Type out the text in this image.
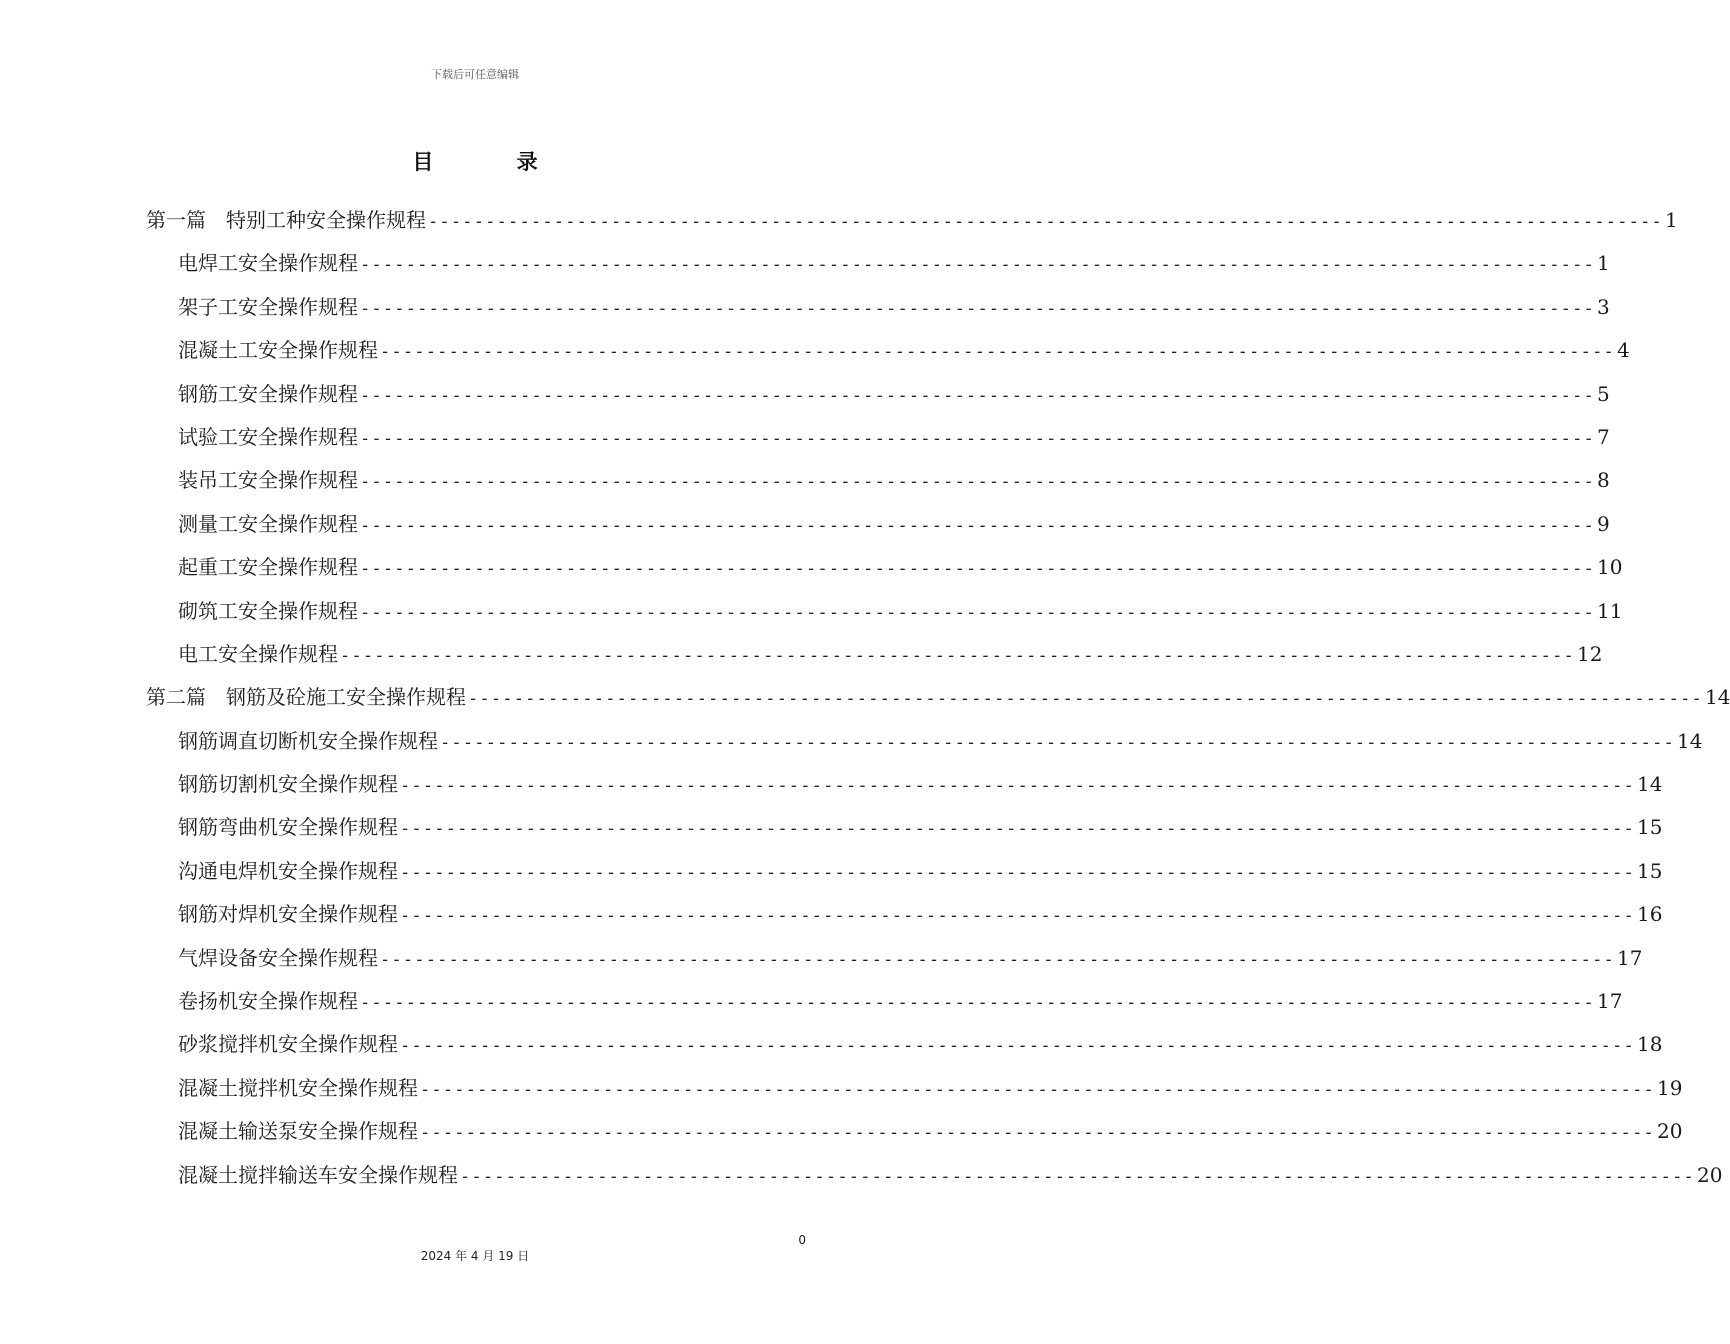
下载后可任意编辑
目 录
第一篇　特别工种安全操作规程 ------------------------------------------------------------------------------------------------------------ 1
电焊工安全操作规程 ------------------------------------------------------------------------------------------------------------ 1
架子工安全操作规程 ------------------------------------------------------------------------------------------------------------ 3
混凝土工安全操作规程 ------------------------------------------------------------------------------------------------------------ 4
钢筋工安全操作规程 ------------------------------------------------------------------------------------------------------------ 5
试验工安全操作规程 ------------------------------------------------------------------------------------------------------------ 7
装吊工安全操作规程 ------------------------------------------------------------------------------------------------------------ 8
测量工安全操作规程 ------------------------------------------------------------------------------------------------------------ 9
起重工安全操作规程 ------------------------------------------------------------------------------------------------------------ 10
砌筑工安全操作规程 ------------------------------------------------------------------------------------------------------------ 11
电工安全操作规程 ------------------------------------------------------------------------------------------------------------ 12
第二篇　钢筋及砼施工安全操作规程 ------------------------------------------------------------------------------------------------------------ 14
钢筋调直切断机安全操作规程 ------------------------------------------------------------------------------------------------------------ 14
钢筋切割机安全操作规程 ------------------------------------------------------------------------------------------------------------ 14
钢筋弯曲机安全操作规程 ------------------------------------------------------------------------------------------------------------ 15
沟通电焊机安全操作规程 ------------------------------------------------------------------------------------------------------------ 15
钢筋对焊机安全操作规程 ------------------------------------------------------------------------------------------------------------ 16
气焊设备安全操作规程 ------------------------------------------------------------------------------------------------------------ 17
卷扬机安全操作规程 ------------------------------------------------------------------------------------------------------------ 17
砂浆搅拌机安全操作规程 ------------------------------------------------------------------------------------------------------------ 18
混凝土搅拌机安全操作规程 ------------------------------------------------------------------------------------------------------------ 19
混凝土输送泵安全操作规程 ------------------------------------------------------------------------------------------------------------ 20
混凝土搅拌输送车安全操作规程 ------------------------------------------------------------------------------------------------------------ 20
0
2024 年 4 月 19 日
